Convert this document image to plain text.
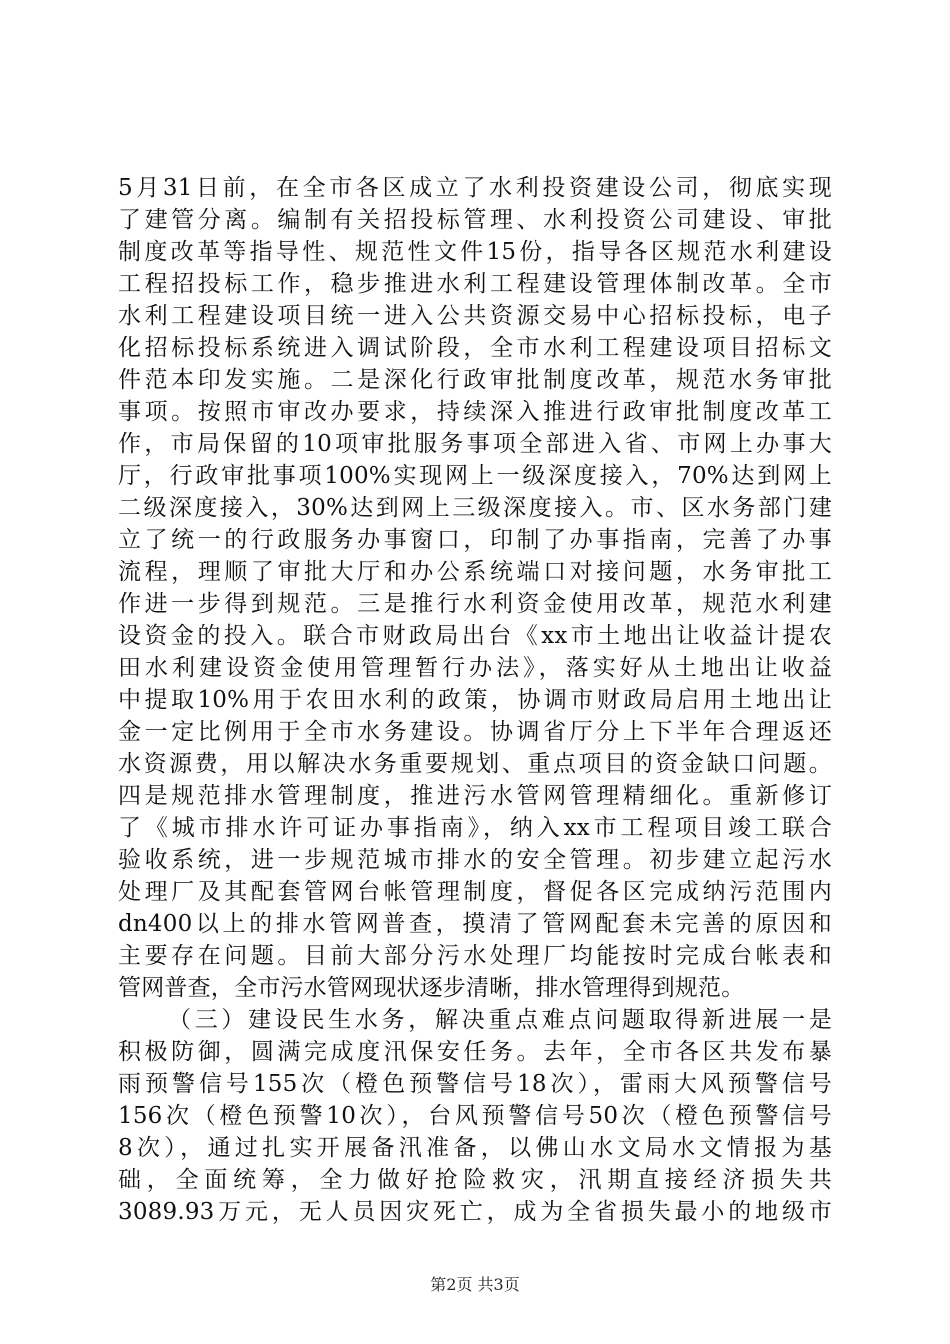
5月31日前，在全市各区成立了水利投资建设公司，彻底实现
了建管分离。编制有关招投标管理、水利投资公司建设、审批
制度改革等指导性、规范性文件15份，指导各区规范水利建设
工程招投标工作，稳步推进水利工程建设管理体制改革。全市
水利工程建设项目统一进入公共资源交易中心招标投标，电子
化招标投标系统进入调试阶段，全市水利工程建设项目招标文
件范本印发实施。二是深化行政审批制度改革，规范水务审批
事项。按照市审改办要求，持续深入推进行政审批制度改革工
作，市局保留的10项审批服务事项全部进入省、市网上办事大
厅，行政审批事项100%实现网上一级深度接入，70%达到网上
二级深度接入，30%达到网上三级深度接入。市、区水务部门建
立了统一的行政服务办事窗口，印制了办事指南，完善了办事
流程，理顺了审批大厅和办公系统端口对接问题，水务审批工
作进一步得到规范。三是推行水利资金使用改革，规范水利建
设资金的投入。联合市财政局出台《xx市土地出让收益计提农
田水利建设资金使用管理暂行办法》，落实好从土地出让收益
中提取10%用于农田水利的政策，协调市财政局启用土地出让
金一定比例用于全市水务建设。协调省厅分上下半年合理返还
水资源费，用以解决水务重要规划、重点项目的资金缺口问题。
四是规范排水管理制度，推进污水管网管理精细化。重新修订
了《城市排水许可证办事指南》，纳入xx市工程项目竣工联合
验收系统，进一步规范城市排水的安全管理。初步建立起污水
处理厂及其配套管网台帐管理制度，督促各区完成纳污范围内
dn400以上的排水管网普查，摸清了管网配套未完善的原因和
主要存在问题。目前大部分污水处理厂均能按时完成台帐表和
管网普查，全市污水管网现状逐步清晰，排水管理得到规范。
（三）建设民生水务，解决重点难点问题取得新进展一是
积极防御，圆满完成度汛保安任务。去年，全市各区共发布暴
雨预警信号155次（橙色预警信号18次），雷雨大风预警信号
156次（橙色预警10次），台风预警信号50次（橙色预警信号
8次），通过扎实开展备汛准备，以佛山水文局水文情报为基
础，全面统筹，全力做好抢险救灾，汛期直接经济损失共
3089.93万元，无人员因灾死亡，成为全省损失最小的地级市
第2页 共3页
